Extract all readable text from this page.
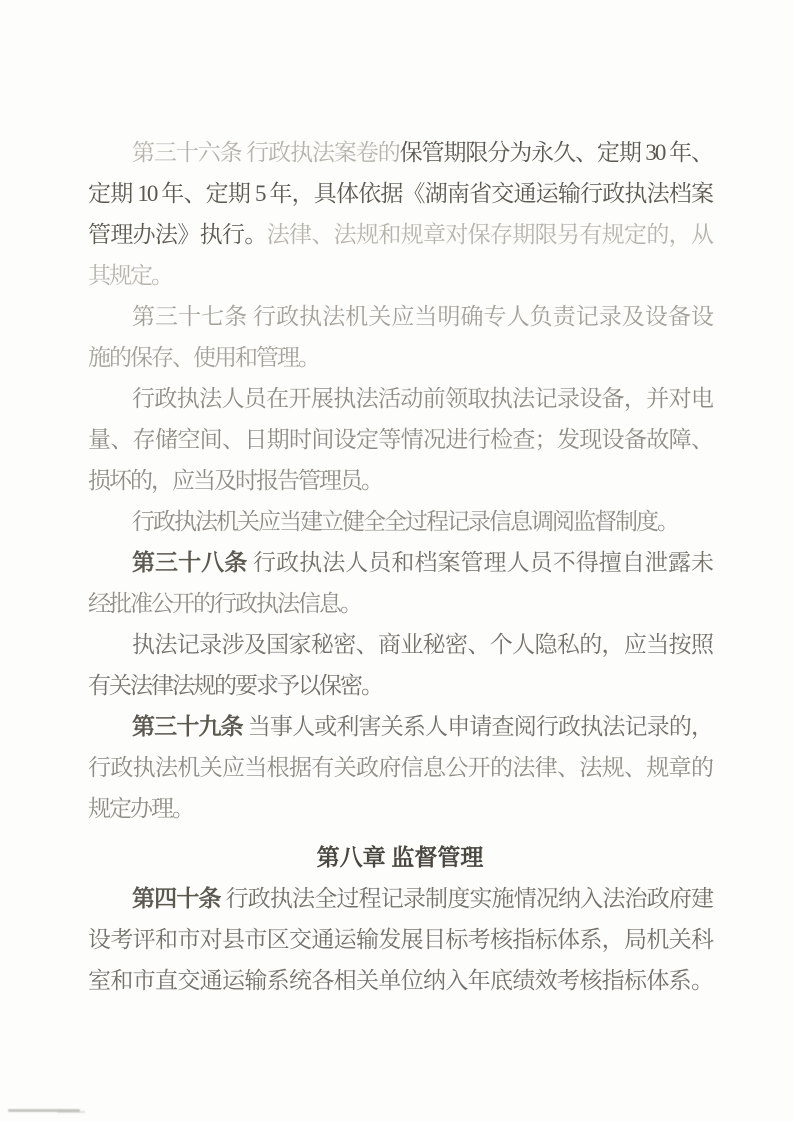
第三十六条 行政执法案卷的保管期限分为永久、定期 30 年、
定期 10 年、定期 5 年，具体依据《湖南省交通运输行政执法档案
管理办法》执行。法律、法规和规章对保存期限另有规定的，从
其规定。
第三十七条 行政执法机关应当明确专人负责记录及设备设
施的保存、使用和管理。
行政执法人员在开展执法活动前领取执法记录设备，并对电
量、存储空间、日期时间设定等情况进行检查；发现设备故障、
损坏的，应当及时报告管理员。
行政执法机关应当建立健全全过程记录信息调阅监督制度。
第三十八条 行政执法人员和档案管理人员不得擅自泄露未
经批准公开的行政执法信息。
执法记录涉及国家秘密、商业秘密、个人隐私的，应当按照
有关法律法规的要求予以保密。
第三十九条 当事人或利害关系人申请查阅行政执法记录的，
行政执法机关应当根据有关政府信息公开的法律、法规、规章的
规定办理。
第八章 监督管理
第四十条 行政执法全过程记录制度实施情况纳入法治政府建
设考评和市对县市区交通运输发展目标考核指标体系，局机关科
室和市直交通运输系统各相关单位纳入年底绩效考核指标体系。
